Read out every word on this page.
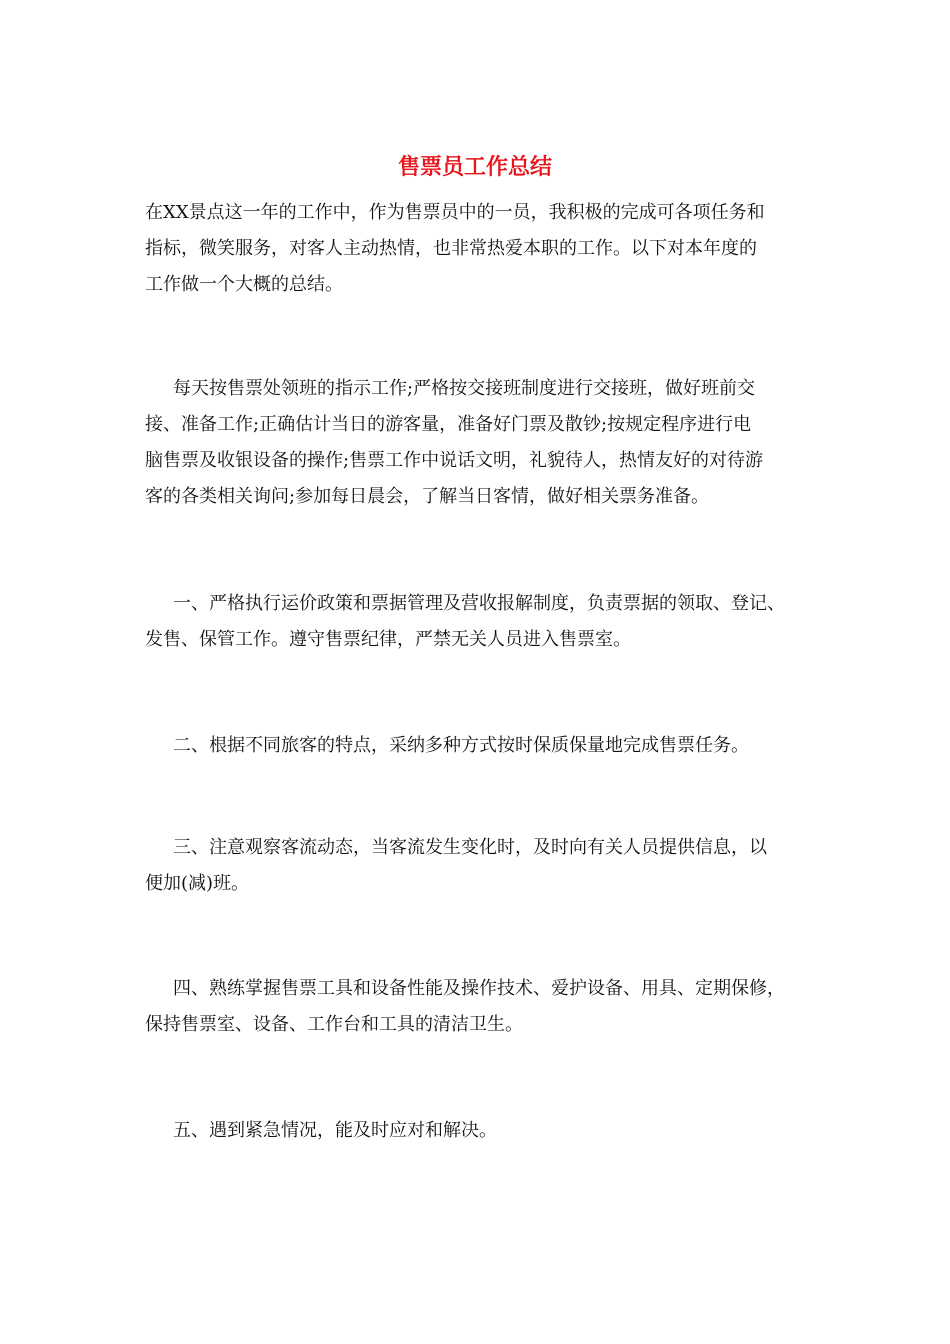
售票员工作总结

在XX景点这一年的工作中，作为售票员中的一员，我积极的完成可各项任务和
指标，微笑服务，对客人主动热情，也非常热爱本职的工作。以下对本年度的
工作做一个大概的总结。

每天按售票处领班的指示工作;严格按交接班制度进行交接班，做好班前交
接、准备工作;正确估计当日的游客量，准备好门票及散钞;按规定程序进行电
脑售票及收银设备的操作;售票工作中说话文明，礼貌待人，热情友好的对待游
客的各类相关询问;参加每日晨会，了解当日客情，做好相关票务准备。

一、严格执行运价政策和票据管理及营收报解制度，负责票据的领取、登记、
发售、保管工作。遵守售票纪律，严禁无关人员进入售票室。

二、根据不同旅客的特点，采纳多种方式按时保质保量地完成售票任务。

三、注意观察客流动态，当客流发生变化时，及时向有关人员提供信息，以
便加(减)班。

四、熟练掌握售票工具和设备性能及操作技术、爱护设备、用具、定期保修，
保持售票室、设备、工作台和工具的清洁卫生。

五、遇到紧急情况，能及时应对和解决。
